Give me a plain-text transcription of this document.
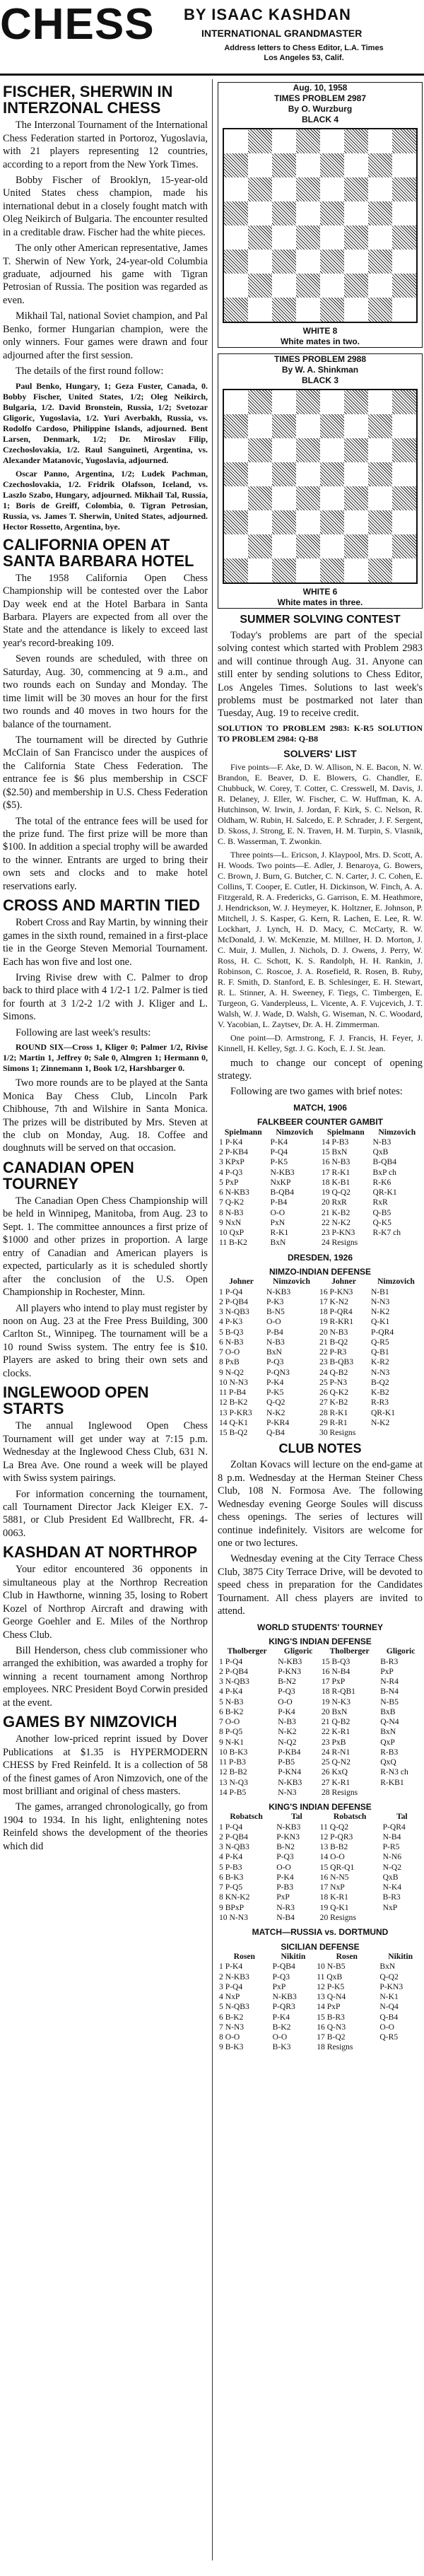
CHESS BY ISAAC KASHDAN
INTERNATIONAL GRANDMASTER
Address letters to Chess Editor, L.A. Times
Los Angeles 53, Calif.
FISCHER, SHERWIN IN INTERZONAL CHESS

The Interzonal Tournament of the International Chess Federation started in Portoroz, Yugoslavia, with 21 players representing 12 countries, according to a report from the New York Times.

Bobby Fischer of Brooklyn, 15-year-old United States chess champion, made his international debut in a closely fought match with Oleg Neikirch of Bulgaria. The encounter resulted in a creditable draw. Fischer had the white pieces.

The only other American representative, James T. Sherwin of New York, 24-year-old Columbia graduate, adjourned his game with Tigran Petrosian of Russia. The position was regarded as even.

Mikhail Tal, national Soviet champion, and Pal Benko, former Hungarian champion, were the only winners. Four games were drawn and four adjourned after the first session.

The details of the first round follow:

Paul Benko, Hungary, 1; Geza Fuster, Canada, 0. Bobby Fischer, United States, 1/2; Oleg Neikirch, Bulgaria, 1/2. David Bronstein, Russia, 1/2; Svetozar Gligoric, Yugoslavia, 1/2. Yuri Averbakh, Russia, vs. Rodolfo Cardoso, Philippine Islands, adjourned. Bent Larsen, Denmark, 1/2; Dr. Miroslav Filip, Czechoslovakia, 1/2. Raul Sanguineti, Argentina, vs. Alexander Matanovic, Yugoslavia, adjourned.

Oscar Panno, Argentina, 1/2; Ludek Pachman, Czechoslovakia, 1/2. Fridrik Olafsson, Iceland, vs. Laszlo Szabo, Hungary, adjourned. Mikhail Tal, Russia, 1; Boris de Greiff, Colombia, 0. Tigran Petrosian, Russia, vs. James T. Sherwin, United States, adjourned. Hector Rossetto, Argentina, bye.

CALIFORNIA OPEN AT SANTA BARBARA HOTEL

The 1958 California Open Chess Championship will be contested over the Labor Day week end at the Hotel Barbara in Santa Barbara. Players are expected from all over the State and the attendance is likely to exceed last year's record-breaking 109.

Seven rounds are scheduled, with three on Saturday, Aug. 30, commencing at 9 a.m., and two rounds each on Sunday and Monday. The time limit will be 30 moves an hour for the first two rounds and 40 moves in two hours for the balance of the tournament.

The tournament will be directed by Guthrie McClain of San Francisco under the auspices of the California State Chess Federation. The entrance fee is $6 plus membership in CSCF ($2.50) and membership in U.S. Chess Federation ($5).

The total of the entrance fees will be used for the prize fund. The first prize will be more than $100. In addition a special trophy will be awarded to the winner. Entrants are urged to bring their own sets and clocks and to make hotel reservations early.

CROSS AND MARTIN TIED

Robert Cross and Ray Martin, by winning their games in the sixth round, remained in a first-place tie in the George Steven Memorial Tournament. Each has won five and lost one.

Irving Rivise drew with C. Palmer to drop back to third place with 4 1/2-1 1/2. Palmer is tied for fourth at 3 1/2-2 1/2 with J. Kliger and L. Simons.

Following are last week's results:

ROUND SIX—Cross 1, Kliger 0; Palmer 1/2, Rivise 1/2; Martin 1, Jeffrey 0; Sale 0, Almgren 1; Hermann 0, Simons 1; Zinnemann 1, Book 1/2, Harshbarger 0.

Two more rounds are to be played at the Santa Monica Bay Chess Club, Lincoln Park Chibhouse, 7th and Wilshire in Santa Monica. The prizes will be distributed by Mrs. Steven at the club on Monday, Aug. 18. Coffee and doughnuts will be served on that occasion.

CANADIAN OPEN TOURNEY

The Canadian Open Chess Championship will be held in Winnipeg, Manitoba, from Aug. 23 to Sept. 1. The committee announces a first prize of $1000 and other prizes in proportion. A large entry of Canadian and American players is expected, particularly as it is scheduled shortly after the conclusion of the U.S. Open Championship in Rochester, Minn.

All players who intend to play must register by noon on Aug. 23 at the Free Press Building, 300 Carlton St., Winnipeg. The tournament will be a 10 round Swiss system. The entry fee is $10. Players are asked to bring their own sets and clocks.

INGLEWOOD OPEN STARTS

The annual Inglewood Open Chess Tournament will get under way at 7:15 p.m. Wednesday at the Inglewood Chess Club, 631 N. La Brea Ave. One round a week will be played with Swiss system pairings.

For information concerning the tournament, call Tournament Director Jack Kleiger EX. 7-5881, or Club President Ed Wallbrecht, FR. 4-0063.

KASHDAN AT NORTHROP

Your editor encountered 36 opponents in simultaneous play at the Northrop Recreation Club in Hawthorne, winning 35, losing to Robert Kozel of Northrop Aircraft and drawing with George Goehler and E. Miles of the Northrop Chess Club.

Bill Henderson, chess club commissioner who arranged the exhibition, was awarded a trophy for winning a recent tournament among Northrop employees. NRC President Boyd Corwin presided at the event.

GAMES BY NIMZOVICH

Another low-priced reprint issued by Dover Publications at $1.35 is HYPERMODERN CHESS by Fred Reinfeld. It is a collection of 58 of the finest games of Aron Nimzovich, one of the most brilliant and original of chess masters.

The games, arranged chronologically, go from 1904 to 1934. In his light, enlightening notes Reinfeld shows the development of the theories which did

Aug. 10, 1958
TIMES PROBLEM 2987
By O. Wurzburg
BLACK 4
WHITE 8
White mates in two.
TIMES PROBLEM 2988
By W. A. Shinkman
BLACK 3
WHITE 6
White mates in three.
SUMMER SOLVING CONTEST

Today's problems are part of the special solving contest which started with Problem 2983 and will continue through Aug. 31. Anyone can still enter by sending solutions to Chess Editor, Los Angeles Times. Solutions to last week's problems must be postmarked not later than Tuesday, Aug. 19 to receive credit.

SOLUTION TO PROBLEM 2983: K-R5 SOLUTION TO PROBLEM 2984: Q-B8

SOLVERS' LIST

Five points—F. Ake, D. W. Allison, N. E. Bacon, N. W. Brandon, E. Beaver, D. E. Blowers, G. Chandler, E. Chubbuck, W. Corey, T. Cotter, C. Cresswell, M. Davis, J. R. Delaney, J. Eller, W. Fischer, C. W. Huffman, K. A. Hutchinson, W. Irwin, J. Jordan, F. Kirk, S. C. Nelson, R. Oldham, W. Rubin, H. Salcedo, E. P. Schrader, J. F. Sergent, D. Skoss, J. Strong, E. N. Traven, H. M. Turpin, S. Vlasnik, C. B. Wasserman, T. Zwonkin.

Three points—L. Ericson, J. Klaypool, Mrs. D. Scott, A. H. Woods. Two points—E. Adler, J. Benaroya, G. Bowers, C. Brown, J. Burn, G. Butcher, C. N. Carter, J. C. Cohen, E. Collins, T. Cooper, E. Cutler, H. Dickinson, W. Finch, A. A. Fitzgerald, R. A. Fredericks, G. Garrison, E. M. Heathmore, J. Hendrickson, W. J. Heymeyer, K. Holtzner, E. Johnson, P. Mitchell, J. S. Kasper, G. Kern, R. Lachen, E. Lee, R. W. Lockhart, J. Lynch, H. D. Macy, C. McCarty, R. W. McDonald, J. W. McKenzie, M. Millner, H. D. Morton, J. C. Muir, J. Mullen, J. Nichols, D. J. Owens, J. Perry, W. Ross, H. C. Schott, K. S. Randolph, H. H. Rankin, J. Robinson, C. Roscoe, J. A. Rosefield, R. Rosen, B. Ruby, R. F. Smith, D. Stanford, E. B. Schlesinger, E. H. Stewart, R. L. Stinner, A. H. Sweeney, F. Tiegs, C. Timbergen, E. Turgeon, G. Vanderpleuss, L. Vicente, A. F. Vujcevich, J. T. Walsh, W. J. Wade, D. Walsh, G. Wiseman, N. C. Woodard, V. Yacobian, L. Zaytsev, Dr. A. H. Zimmerman.

One point—D. Armstrong, F. J. Francis, H. Feyer, J. Kinnell, H. Kelley, Sgt. J. G. Koch, E. J. St. Jean.

much to change our concept of opening strategy.

Following are two games with brief notes:

MATCH, 1906
FALKBEER COUNTER GAMBIT
Spielmann	Nimzovich	Spielmann	Nimzovich
1 P-K4	P-K4	14 P-B3	N-B3
2 P-KB4	P-Q4	15 BxN	QxB
3 KPxP	P-K5	16 N-B3	B-QB4
4 P-Q3	N-KB3	17 R-K1	BxP ch
5 PxP	NxKP	18 K-B1	R-K6
6 N-KB3	B-QB4	19 Q-Q2	QR-K1
7 Q-K2	P-B4	20 RxR	RxR
8 N-B3	O-O	21 K-B2	Q-B5
9 NxN	PxN	22 N-K2	Q-K5
10 QxP	R-K1	23 P-KN3	R-K7 ch
11 B-K2	BxN	24 Resigns	
DRESDEN, 1926
NIMZO-INDIAN DEFENSE
Johner	Nimzovich	Johner	Nimzovich
1 P-Q4	N-KB3	16 P-KN3	N-B1
2 P-QB4	P-K3	17 K-N2	N-N3
3 N-QB3	B-N5	18 P-QR4	N-K2
4 P-K3	O-O	19 R-KR1	Q-K1
5 B-Q3	P-B4	20 N-B3	P-QR4
6 N-B3	N-B3	21 B-Q2	Q-R5
7 O-O	BxN	22 P-R3	Q-B1
8 PxB	P-Q3	23 B-QB3	K-R2
9 N-Q2	P-QN3	24 Q-B2	N-N3
10 N-N3	P-K4	25 P-N3	B-Q2
11 P-B4	P-K5	26 Q-K2	K-B2
12 B-K2	Q-Q2	27 K-B2	R-R3
13 P-KR3	N-K2	28 R-K1	QR-K1
14 Q-K1	P-KR4	29 R-R1	N-K2
15 B-Q2	Q-B4	30 Resigns	
CLUB NOTES

Zoltan Kovacs will lecture on the end-game at 8 p.m. Wednesday at the Herman Steiner Chess Club, 108 N. Formosa Ave. The following Wednesday evening George Soules will discuss chess openings. The series of lectures will continue indefinitely. Visitors are welcome for one or two lectures.

Wednesday evening at the City Terrace Chess Club, 3875 City Terrace Drive, will be devoted to speed chess in preparation for the Candidates Tournament. All chess players are invited to attend.

WORLD STUDENTS' TOURNEY
KING'S INDIAN DEFENSE
Tholberger	Gligoric	Tholberger	Gligoric
1 P-Q4	N-KB3	15 B-Q3	B-R3
2 P-QB4	P-KN3	16 N-B4	PxP
3 N-QB3	B-N2	17 PxP	N-R4
4 P-K4	P-Q3	18 R-QB1	B-N4
5 N-B3	O-O	19 N-K3	N-B5
6 B-K2	P-K4	20 BxN	BxB
7 O-O	N-B3	21 Q-B2	Q-N4
8 P-Q5	N-K2	22 K-R1	BxN
9 N-K1	N-Q2	23 PxB	QxP
10 B-K3	P-KB4	24 R-N1	R-B3
11 P-B3	P-B5	25 Q-N2	QxQ
12 B-B2	P-KN4	26 KxQ	R-N3 ch
13 N-Q3	N-KB3	27 K-R1	R-KB1
14 P-B5	N-N3	28 Resigns	
KING'S INDIAN DEFENSE
Robatsch	Tal	Robatsch	Tal
1 P-Q4	N-KB3	11 Q-Q2	P-QR4
2 P-QB4	P-KN3	12 P-QR3	N-B4
3 N-QB3	B-N2	13 B-B2	P-R5
4 P-K4	P-Q3	14 O-O	N-N6
5 P-B3	O-O	15 QR-Q1	N-Q2
6 B-K3	P-K4	16 N-N5	QxB
7 P-Q5	P-B3	17 NxP	N-K4
8 KN-K2	PxP	18 K-R1	B-R3
9 BPxP	N-R3	19 Q-K1	NxP
10 N-N3	N-B4	20 Resigns	
MATCH—RUSSIA vs. DORTMUND
SICILIAN DEFENSE
Rosen	Nikitin	Rosen	Nikitin
1 P-K4	P-QB4	10 N-B5	BxN
2 N-KB3	P-Q3	11 QxB	Q-Q2
3 P-Q4	PxP	12 P-K5	P-KN3
4 NxP	N-KB3	13 Q-N4	N-K1
5 N-QB3	P-QR3	14 PxP	N-Q4
6 B-K2	P-K4	15 B-R3	Q-B4
7 N-N3	B-K2	16 Q-N3	O-O
8 O-O	O-O	17 B-Q2	Q-R5
9 B-K3	B-K3	18 Resigns	
